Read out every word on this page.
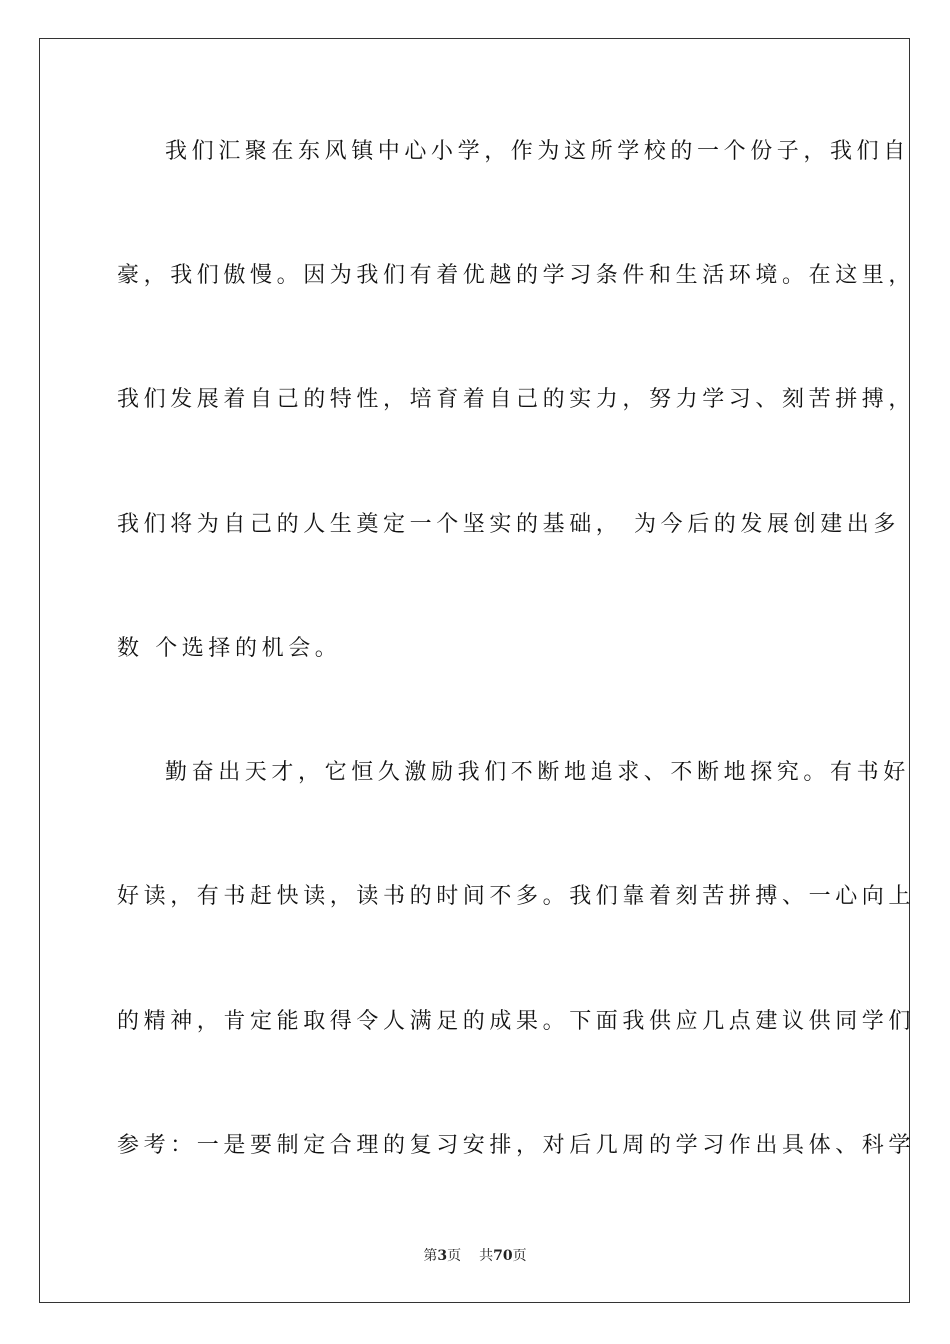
我们汇聚在东风镇中心小学，作为这所学校的一个份子，我们自
豪，我们傲慢。因为我们有着优越的学习条件和生活环境。在这里，
我们发展着自己的特性，培育着自己的实力，努力学习、刻苦拼搏，
我们将为自己的人生奠定一个坚实的基础， 为今后的发展创建出多
数 个选择的机会。
勤奋出天才，它恒久激励我们不断地追求、不断地探究。有书好
好读，有书赶快读，读书的时间不多。我们靠着刻苦拼搏、一心向上
的精神，肯定能取得令人满足的成果。下面我供应几点建议供同学们
参考：一是要制定合理的复习安排，对后几周的学习作出具体、科学
第3页 共70页
